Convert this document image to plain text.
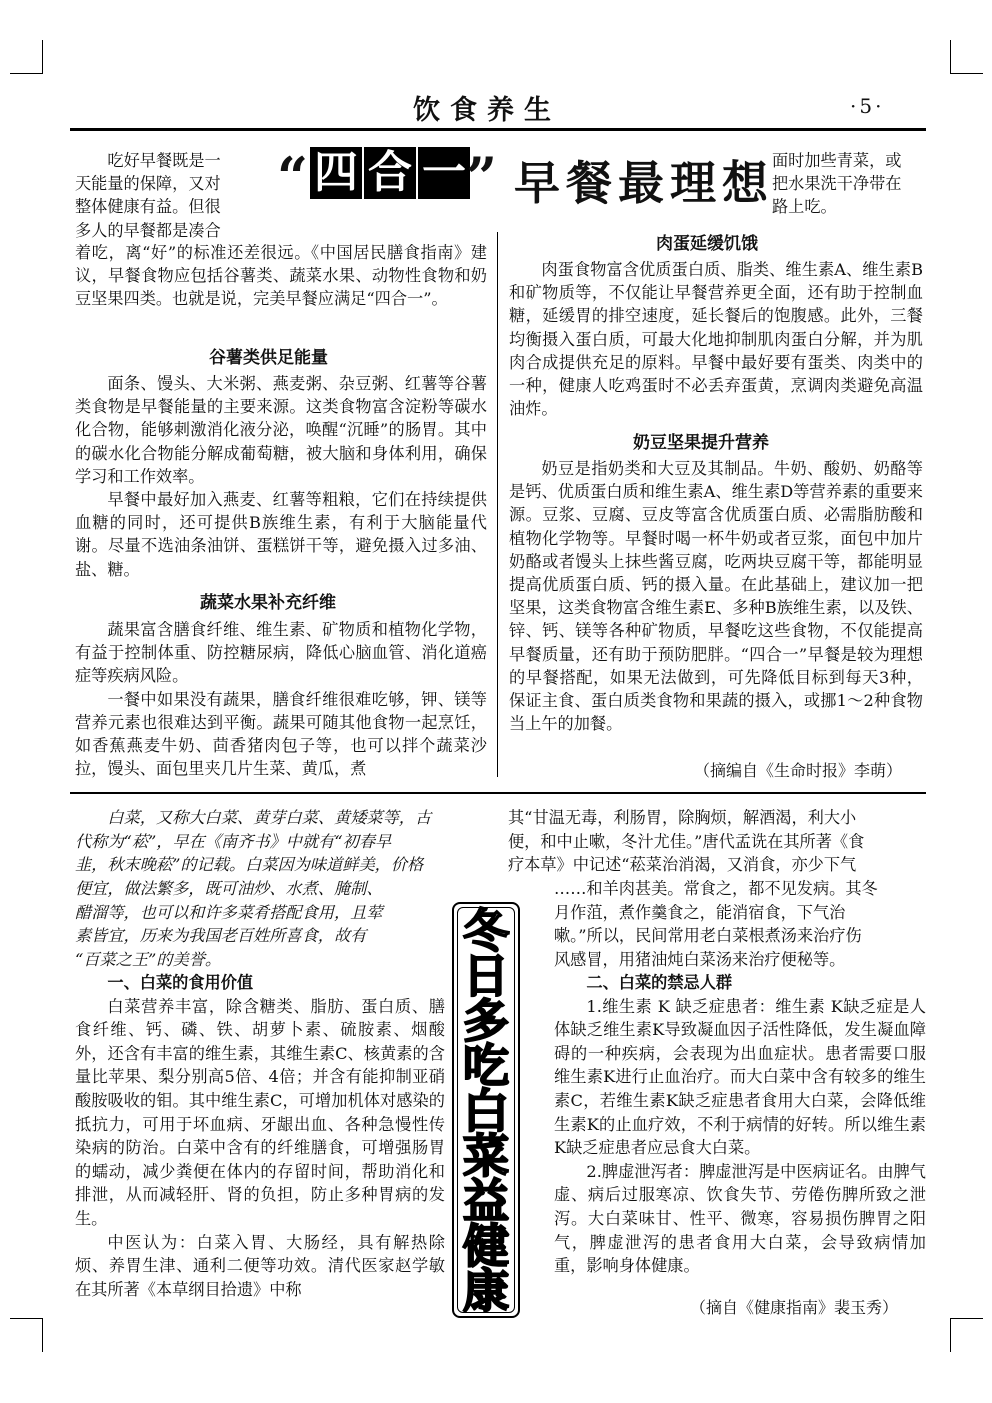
饮食养生	·5·
“ 四 合 一 ” 早餐最理想
吃好早餐既是一
天能量的保障，又对
整体健康有益。但很
多人的早餐都是凑合

着吃，离“好”的标准还差很远。《中国居民膳食指南》建议，早餐食物应包括谷薯类、蔬菜水果、动物性食物和奶豆坚果四类。也就是说，完美早餐应满足“四合一”。

谷薯类供足能量

面条、馒头、大米粥、燕麦粥、杂豆粥、红薯等谷薯类食物是早餐能量的主要来源。这类食物富含淀粉等碳水化合物，能够刺激消化液分泌，唤醒“沉睡”的肠胃。其中的碳水化合物能分解成葡萄糖，被大脑和身体利用，确保学习和工作效率。

早餐中最好加入燕麦、红薯等粗粮，它们在持续提供血糖的同时，还可提供B族维生素，有利于大脑能量代谢。尽量不选油条油饼、蛋糕饼干等，避免摄入过多油、盐、糖。

蔬菜水果补充纤维

蔬果富含膳食纤维、维生素、矿物质和植物化学物，有益于控制体重、防控糖尿病，降低心脑血管、消化道癌症等疾病风险。

一餐中如果没有蔬果，膳食纤维很难吃够，钾、镁等营养元素也很难达到平衡。蔬果可随其他食物一起烹饪，如香蕉燕麦牛奶、茴香猪肉包子等，也可以拌个蔬菜沙拉，馒头、面包里夹几片生菜、黄瓜，煮

面时加些青菜，或
把水果洗干净带在
路上吃。
肉蛋延缓饥饿

肉蛋食物富含优质蛋白质、脂类、维生素A、维生素B和矿物质等，不仅能让早餐营养更全面，还有助于控制血糖，延缓胃的排空速度，延长餐后的饱腹感。此外，三餐均衡摄入蛋白质，可最大化地抑制肌肉蛋白分解，并为肌肉合成提供充足的原料。早餐中最好要有蛋类、肉类中的一种，健康人吃鸡蛋时不必丢弃蛋黄，烹调肉类避免高温油炸。

奶豆坚果提升营养

奶豆是指奶类和大豆及其制品。牛奶、酸奶、奶酪等是钙、优质蛋白质和维生素A、维生素D等营养素的重要来源。豆浆、豆腐、豆皮等富含优质蛋白质、必需脂肪酸和植物化学物等。早餐时喝一杯牛奶或者豆浆，面包中加片奶酪或者馒头上抹些酱豆腐，吃两块豆腐干等，都能明显提高优质蛋白质、钙的摄入量。在此基础上，建议加一把坚果，这类食物富含维生素E、多种B族维生素，以及铁、锌、钙、镁等各种矿物质，早餐吃这些食物，不仅能提高早餐质量，还有助于预防肥胖。“四合一”早餐是较为理想的早餐搭配，如果无法做到，可先降低目标到每天3种，保证主食、蛋白质类食物和果蔬的摄入，或挪1～2种食物当上午的加餐。

（摘编自《生命时报》李萌）
白菜，又称大白菜、黄芽白菜、黄矮菜等，古
代称为“菘”，早在《南齐书》中就有“初春早
韭，秋末晚菘”的记载。白菜因为味道鲜美，价格
便宜，做法繁多，既可油炒、水煮、腌制、
醋溜等，也可以和许多菜肴搭配食用，且荤
素皆宜，历来为我国老百姓所喜食，故有
“百菜之王”的美誉。

一、白菜的食用价值

白菜营养丰富，除含糖类、脂肪、蛋白质、膳食纤维、钙、磷、铁、胡萝卜素、硫胺素、烟酸外，还含有丰富的维生素，其维生素C、核黄素的含量比苹果、梨分别高5倍、4倍；并含有能抑制亚硝酸胺吸收的钼。其中维生素C，可增加机体对感染的抵抗力，可用于坏血病、牙龈出血、各种急慢性传染病的防治。白菜中含有的纤维膳食，可增强肠胃的蠕动，减少粪便在体内的存留时间，帮助消化和排泄，从而减轻肝、肾的负担，防止多种胃病的发生。

中医认为：白菜入胃、大肠经，具有解热除烦、养胃生津、通利二便等功效。清代医家赵学敏在其所著《本草纲目拾遗》中称

冬
日
多
吃
白
菜
益
健
康
其“甘温无毒，利肠胃，除胸烦，解酒渴，利大小
便，和中止嗽，冬汁尤佳。”唐代孟诜在其所著《食
疗本草》中记述“菘菜治消渴，又消食，亦少下气
……和羊肉甚美。常食之，都不见发病。其冬
月作菹，煮作羹食之，能消宿食，下气治
嗽。”所以，民间常用老白菜根煮汤来治疗伤
风感冒，用猪油炖白菜汤来治疗便秘等。

二、白菜的禁忌人群

1.维生素 K 缺乏症患者：维生素 K缺乏症是人体缺乏维生素K导致凝血因子活性降低，发生凝血障碍的一种疾病，会表现为出血症状。患者需要口服维生素K进行止血治疗。而大白菜中含有较多的维生素C，若维生素K缺乏症患者食用大白菜，会降低维生素K的止血疗效，不利于病情的好转。所以维生素K缺乏症患者应忌食大白菜。

2.脾虚泄泻者：脾虚泄泻是中医病证名。由脾气虚、病后过服寒凉、饮食失节、劳倦伤脾所致之泄泻。大白菜味甘、性平、微寒，容易损伤脾胃之阳气，脾虚泄泻的患者食用大白菜，会导致病情加重，影响身体健康。

（摘自《健康指南》裴玉秀）
